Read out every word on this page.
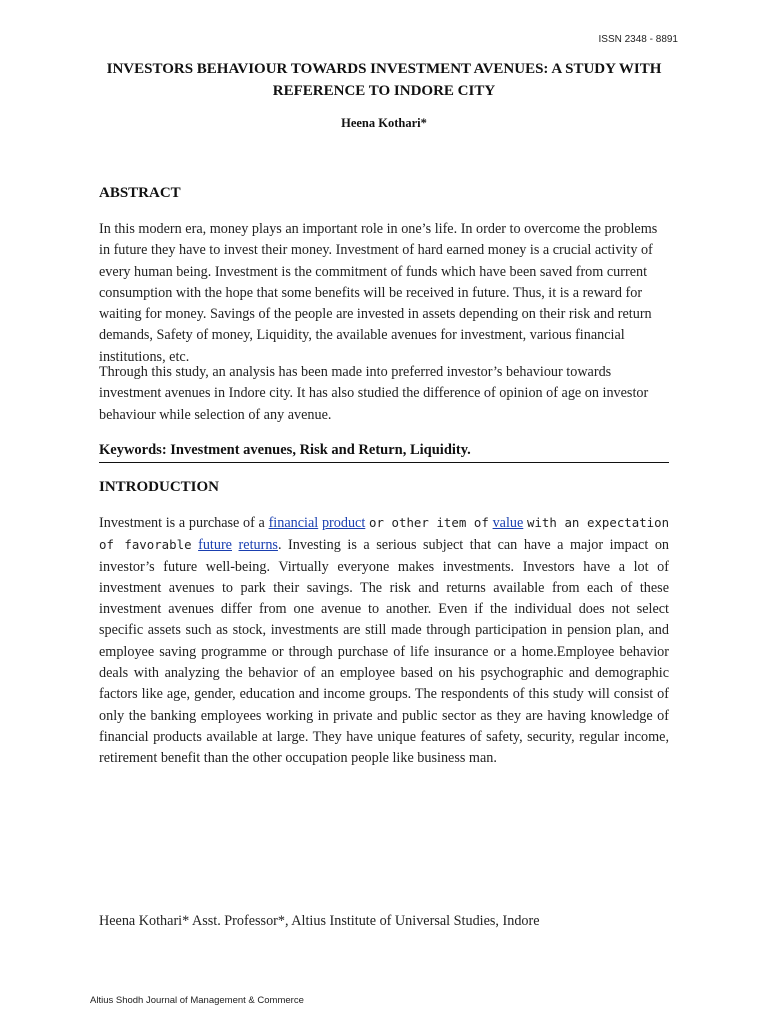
ISSN 2348 - 8891
INVESTORS BEHAVIOUR TOWARDS INVESTMENT AVENUES: A STUDY WITH
REFERENCE TO INDORE CITY
Heena Kothari*
ABSTRACT
In this modern era, money plays an important role in one’s life. In order to overcome the problems in future they have to invest their money. Investment of hard earned money is a crucial activity of every human being. Investment is the commitment of funds which have been saved from current consumption with the hope that some benefits will be received in future. Thus, it is a reward for waiting for money. Savings of the people are invested in assets depending on their risk and return demands, Safety of money, Liquidity, the available avenues for investment, various financial institutions, etc.
Through this study, an analysis has been made into preferred investor’s behaviour towards investment avenues in Indore city. It has also studied the difference of opinion of age on investor behaviour while selection of any avenue.
Keywords: Investment avenues, Risk and Return, Liquidity.
INTRODUCTION
Investment is a purchase of a financial product or other item of value with an expectation of favorable future returns. Investing is a serious subject that can have a major impact on investor’s future well-being. Virtually everyone makes investments. Investors have a lot of investment avenues to park their savings. The risk and returns available from each of these investment avenues differ from one avenue to another. Even if the individual does not select specific assets such as stock, investments are still made through participation in pension plan, and employee saving programme or through purchase of life insurance or a home.Employee behavior deals with analyzing the behavior of an employee based on his psychographic and demographic factors like age, gender, education and income groups. The respondents of this study will consist of only the banking employees working in private and public sector as they are having knowledge of financial products available at large. They have unique features of safety, security, regular income, retirement benefit than the other occupation people like business man.
Heena Kothari* Asst. Professor*, Altius Institute of Universal Studies, Indore
Altius Shodh Journal of Management & Commerce
